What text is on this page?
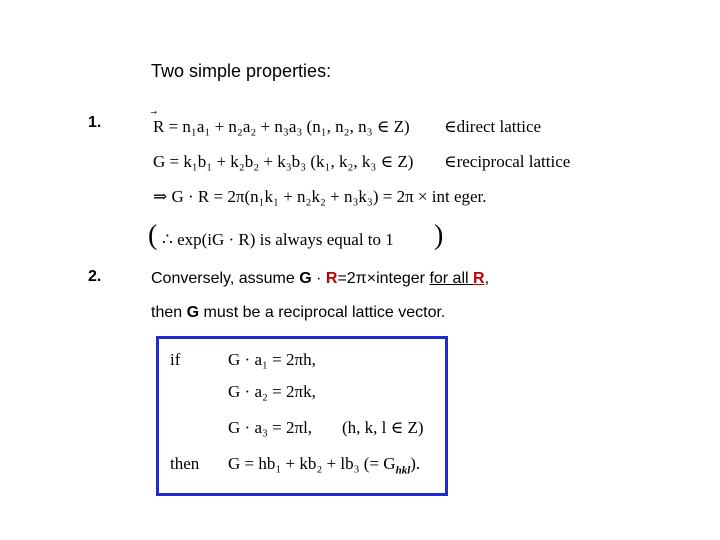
Two simple properties:
1.	R = n₁a₁ + n₂a₂ + n₃a₃ (n₁, n₂, n₃ ∈ Z) ∈direct lattice
G = k₁b₁ + k₂b₂ + k₃b₃ (k₁, k₂, k₃ ∈ Z) ∈reciprocal lattice
⇒ G · R = 2π(n₁k₁ + n₂k₂ + n₃k₃) = 2π × int eger.
( ∴ exp(iG · R) is always equal to 1 )
2.	Conversely, assume G · R=2π×integer for all R,
then G must be a reciprocal lattice vector.
if	G · a₁ = 2πh,
G · a₂ = 2πk,
G · a₃ = 2πl, (h, k, l ∈ Z)
then G = hb₁ + kb₂ + lb₃ (= $G_{hkl}$).
